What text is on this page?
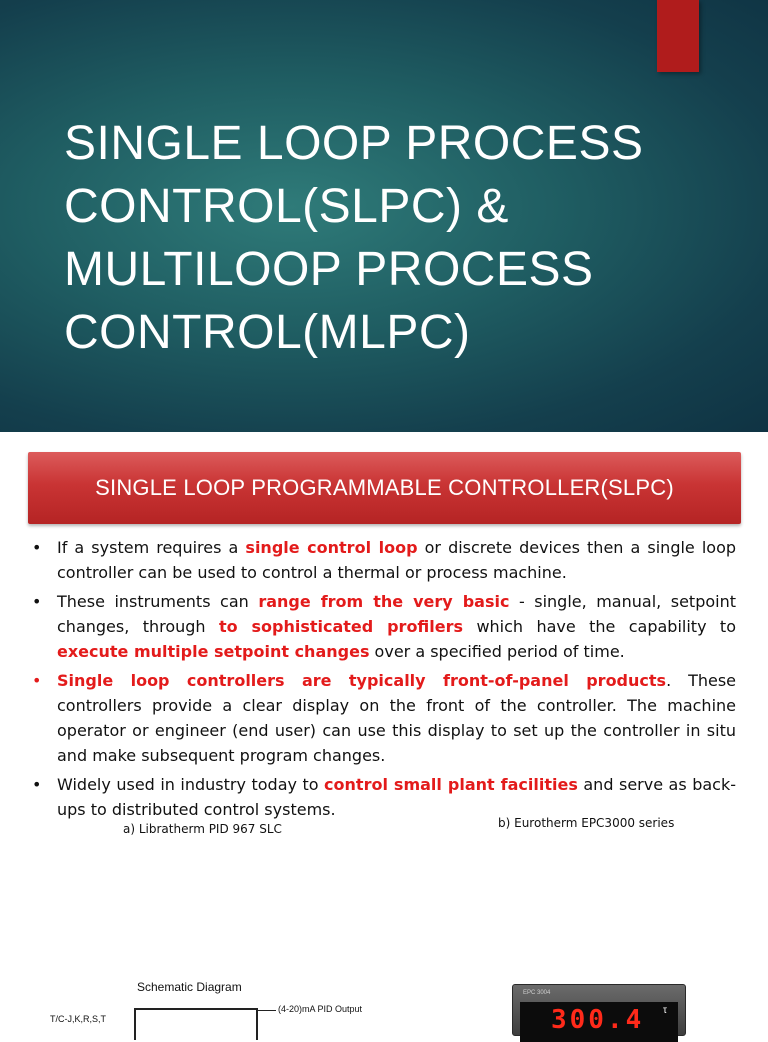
SINGLE LOOP PROCESS
CONTROL(SLPC) &
MULTILOOP PROCESS
CONTROL(MLPC)
SINGLE LOOP PROGRAMMABLE CONTROLLER(SLPC)
• If a system requires a single control loop or discrete devices then a single loop controller can be used to control a thermal or process machine.
• These instruments can range from the very basic - single, manual, setpoint changes, through to sophisticated profilers which have the capability to execute multiple setpoint changes over a specified period of time.
• Single loop controllers are typically front-of-panel products. These controllers provide a clear display on the front of the controller. The machine operator or engineer (end user) can use this display to set up the controller in situ and make subsequent program changes.
• Widely used in industry today to control small plant facilities and serve as back-ups to distributed control systems.
a) Libratherm PID 967 SLC	b) Eurotherm EPC3000 series
Schematic Diagram
T/C-J,K,R,S,T
(4-20)mA PID Output
EPC 3004
300.4 τ
